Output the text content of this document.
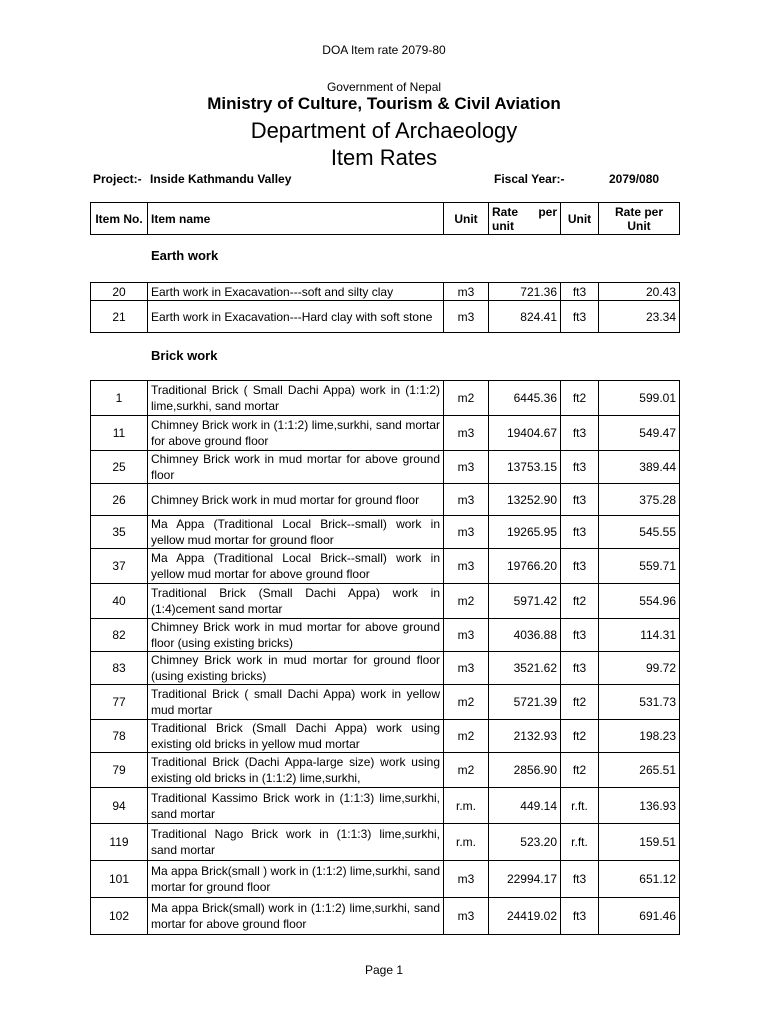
DOA Item rate 2079-80
Government of Nepal
Ministry of Culture, Tourism & Civil Aviation
Department of Archaeology
Item Rates
Project:- Inside Kathmandu Valley	Fiscal Year:-	2079/080
Item No.	Item name	Unit	Rate per unit	Unit	Rate per Unit
Earth work
20	Earth work in Exacavation---soft and silty clay	m3	721.36	ft3	20.43
21	Earth work in Exacavation---Hard clay with soft stone	m3	824.41	ft3	23.34
Brick work
1	Traditional Brick ( Small Dachi Appa) work in (1:1:2) lime,surkhi, sand mortar	m2	6445.36	ft2	599.01
11	Chimney Brick work in (1:1:2) lime,surkhi, sand mortar for above ground floor	m3	19404.67	ft3	549.47
25	Chimney Brick work in mud mortar for above ground floor	m3	13753.15	ft3	389.44
26	Chimney Brick work in mud mortar for ground floor	m3	13252.90	ft3	375.28
35	Ma Appa (Traditional Local Brick--small) work in yellow mud mortar for ground floor	m3	19265.95	ft3	545.55
37	Ma Appa (Traditional Local Brick--small) work in yellow mud mortar for above ground floor	m3	19766.20	ft3	559.71
40	Traditional Brick (Small Dachi Appa) work in (1:4)cement sand mortar	m2	5971.42	ft2	554.96
82	Chimney Brick work in mud mortar for above ground floor (using existing bricks)	m3	4036.88	ft3	114.31
83	Chimney Brick work in mud mortar for ground floor (using existing bricks)	m3	3521.62	ft3	99.72
77	Traditional Brick ( small Dachi Appa) work in yellow mud mortar	m2	5721.39	ft2	531.73
78	Traditional Brick (Small Dachi Appa) work using existing old bricks in yellow mud mortar	m2	2132.93	ft2	198.23
79	Traditional Brick (Dachi Appa-large size) work using existing old bricks in (1:1:2) lime,surkhi,	m2	2856.90	ft2	265.51
94	Traditional Kassimo Brick work in (1:1:3) lime,surkhi, sand mortar	r.m.	449.14	r.ft.	136.93
119	Traditional Nago Brick work in (1:1:3) lime,surkhi, sand mortar	r.m.	523.20	r.ft.	159.51
101	Ma appa Brick(small ) work in (1:1:2) lime,surkhi, sand mortar for ground floor	m3	22994.17	ft3	651.12
102	Ma appa Brick(small) work in (1:1:2) lime,surkhi, sand mortar for above ground floor	m3	24419.02	ft3	691.46
Page 1
